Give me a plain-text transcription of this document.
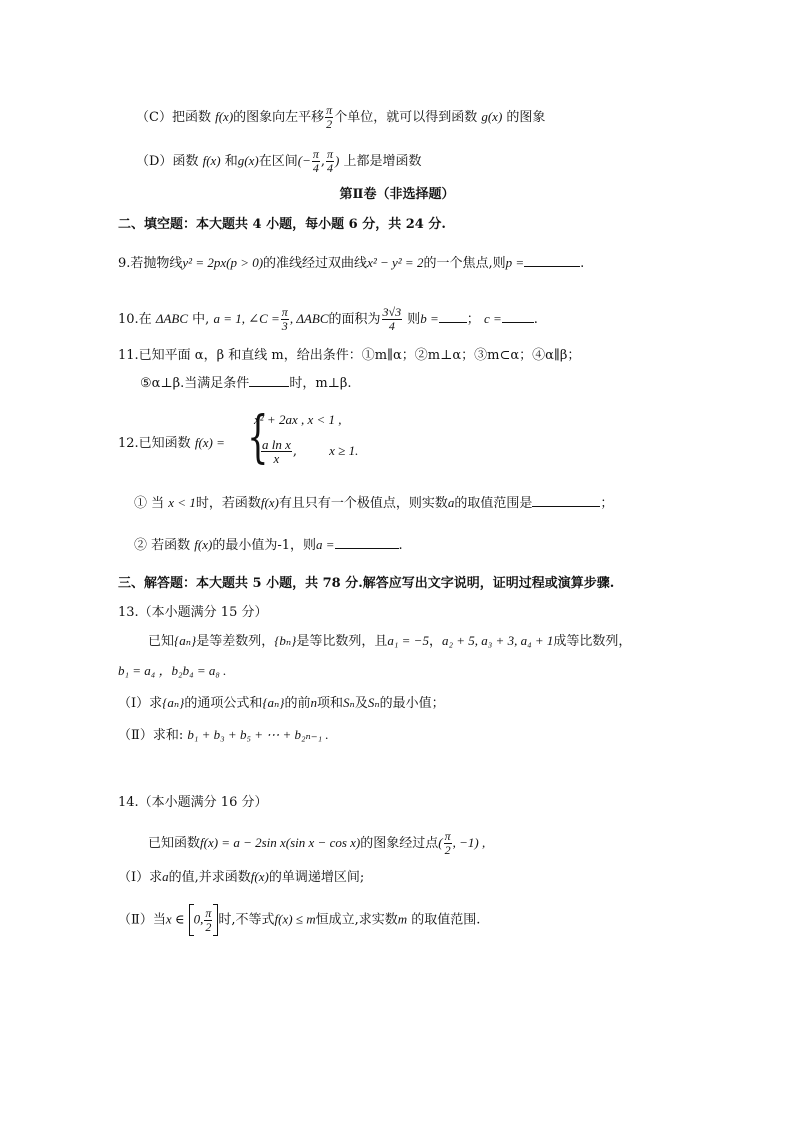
（C）把函数 f(x)的图象向左平移 $\frac{\pi}{2}$ 个单位，就可以得到函数 g(x) 的图象
（D）函数 f(x) 和g(x)在区间(− $\frac{\pi}{4}$ , $\frac{\pi}{4}$ ) 上都是增函数
第Ⅱ卷（非选择题）
二、填空题：本大题共 4 小题，每小题 6 分，共 24 分.
9.若抛物线y² = 2px(p > 0)的准线经过双曲线x² − y² = 2的一个焦点,则p =	.
10.在 ΔABC 中, a = 1, ∠C = $\frac{\pi}{3}$ , ΔABC的面积为 $\frac{3√3}{4}$ 则b = ； c = .
11.已知平面 α，β 和直线 m，给出条件：①m∥α；②m⊥α；③m⊂α；④α∥β；
⑤α⊥β.当满足条件	时，m⊥β.
12.已知函数 f(x) = {
x² + 2ax , x < 1 ,
$\frac{\text{a ln x}}{x}$ , x ≥ 1.
① 当 x < 1时，若函数f(x)有且只有一个极值点，则实数a的取值范围是	；
② 若函数 f(x)的最小值为-1，则a =	.
三、解答题：本大题共 5 小题，共 78 分.解答应写出文字说明，证明过程或演算步骤.
13.（本小题满分 15 分）
已知{aₙ}是等差数列，{bₙ}是等比数列，且a₁ = −5，a₂ + 5, a₃ + 3, a₄ + 1成等比数列，
b₁ = a₄ ，b₂b₄ = a₈ .
（Ⅰ）求{aₙ}的通项公式和{aₙ}的前n项和Sₙ及Sₙ的最小值；
（Ⅱ）求和: b₁ + b₃ + b₅ + ⋯ + b₂ₙ₋₁ .
14.（本小题满分 16 分）
已知函数f(x) = a − 2sin x(sin x − cos x)的图象经过点( $\frac{\pi}{2}$ , −1) ,
（Ⅰ）求a的值,并求函数f(x)的单调递增区间;
（Ⅱ）当x ∈ 0, $\frac{\pi}{2}$ 时,不等式f(x) ≤ m恒成立,求实数m 的取值范围.
